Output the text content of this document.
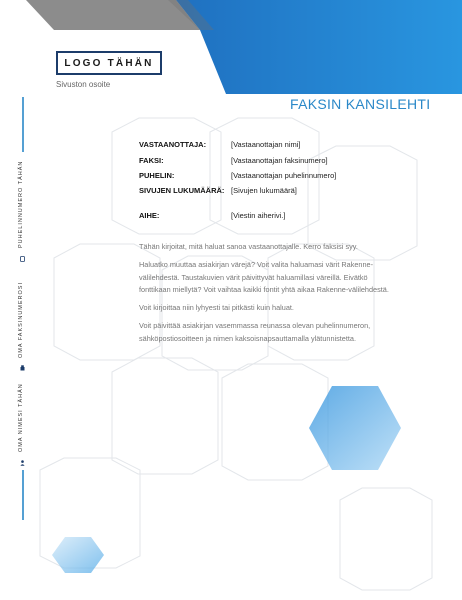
LOGO TÄHÄN
Sivuston osoite
FAKSIN KANSILEHTI
VASTAANOTTAJA:	[Vastaanottajan nimi]
FAKSI:	[Vastaanottajan faksinumero]
PUHELIN:	[Vastaanottajan puhelinnumero]
SIVUJEN LUKUMÄÄRÄ: [Sivujen lukumäärä]
AIHE:	[Viestin aiherivi.]
Tähän kirjoitat, mitä haluat sanoa vastaanottajalle. Kerro faksisi syy.
Haluatko muuttaa asiakirjan värejä? Voit valita haluamasi värit Rakenne-
välilehdestä. Taustakuvien värit päivittyvät haluamillasi väreillä. Eivätkö
fonttikaan miellytä? Voit vaihtaa kaikki fontit yhtä aikaa Rakenne-välilehdestä.
Voit kirjoittaa niin lyhyesti tai pitkästi kuin haluat.
Voit päivittää asiakirjan vasemmassa reunassa olevan puhelinnumeron,
sähköpostiosoitteen ja nimen kaksoisnapsauttamalla ylätunnistetta.
PUHELINNUMERO TÄHÄN
OMA FAKSINUMEROSI
OMA NIMESI TÄHÄN
